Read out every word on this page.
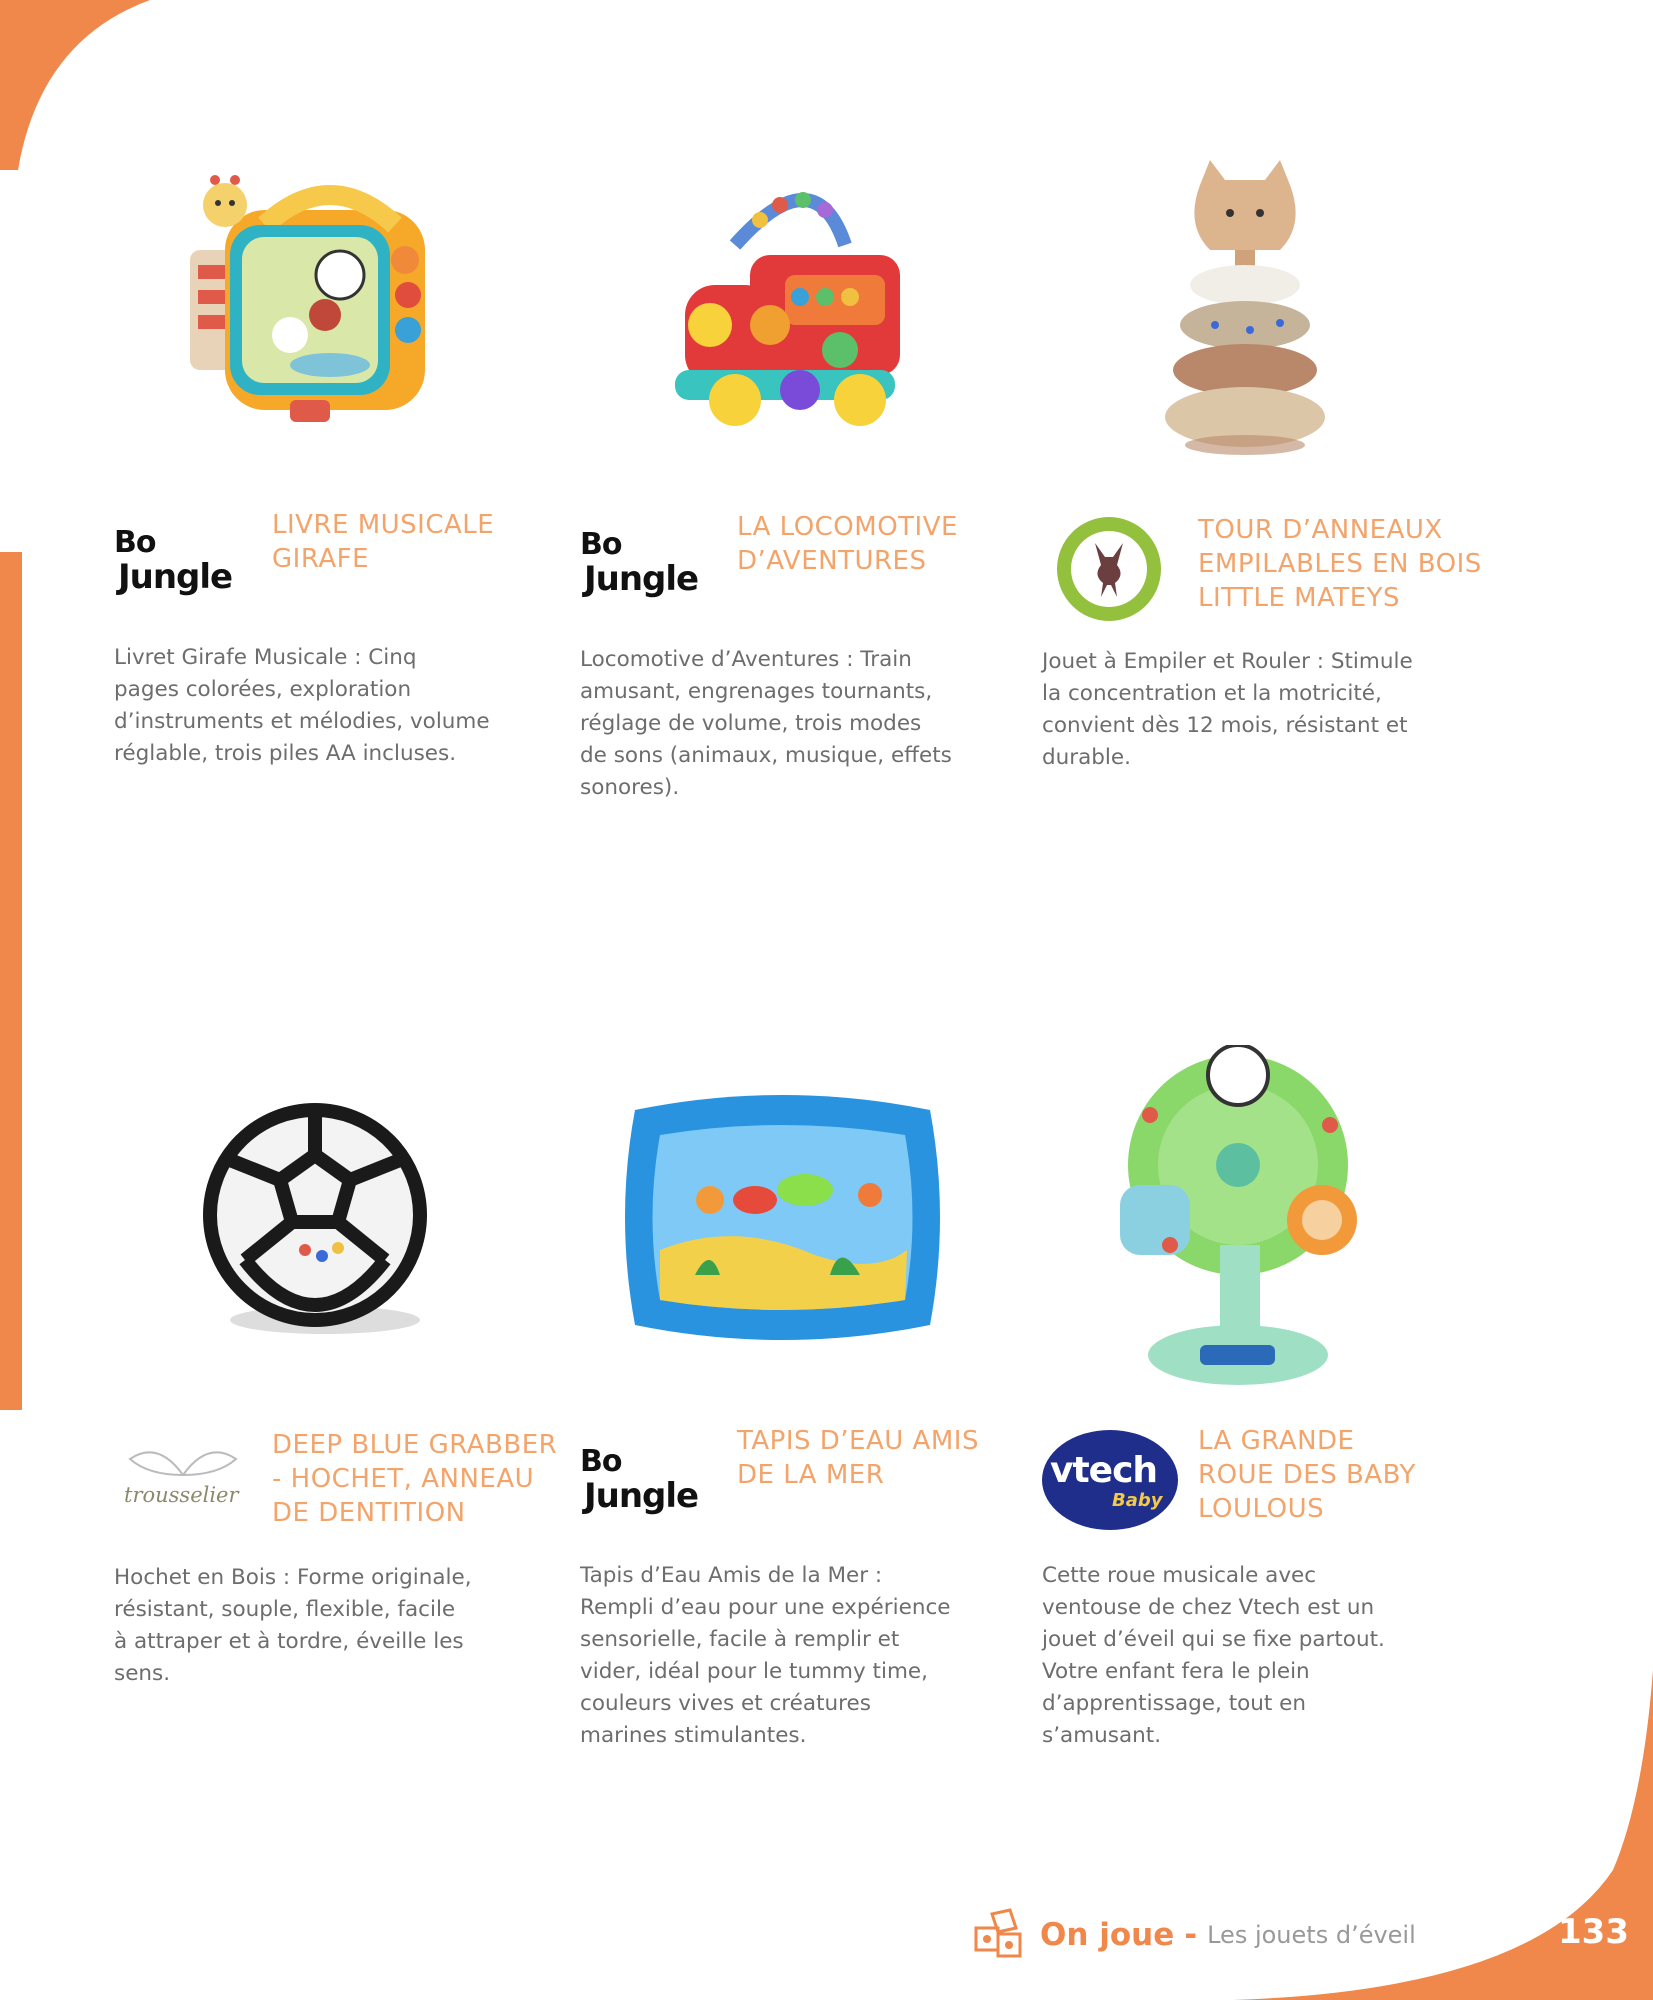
Bo
Jungle
LIVRE MUSICALE
GIRAFE

Livret Girafe Musicale : Cinq
pages colorées, exploration
d’instruments et mélodies, volume
réglable, trois piles AA incluses.

Bo
Jungle
LA LOCOMOTIVE
D’AVENTURES

Locomotive d’Aventures : Train
amusant, engrenages tournants,
réglage de volume, trois modes
de sons (animaux, musique, effets
sonores).

TOUR D’ANNEAUX
EMPILABLES EN BOIS
LITTLE MATEYS

Jouet à Empiler et Rouler : Stimule
la concentration et la motricité,
convient dès 12 mois, résistant et
durable.

trousselier
DEEP BLUE GRABBER
- HOCHET, ANNEAU
DE DENTITION

Hochet en Bois : Forme originale,
résistant, souple, flexible, facile
à attraper et à tordre, éveille les
sens.

Bo
Jungle
TAPIS D’EAU AMIS
DE LA MER

Tapis d’Eau Amis de la Mer :
Rempli d’eau pour une expérience
sensorielle, facile à remplir et
vider, idéal pour le tummy time,
couleurs vives et créatures
marines stimulantes.

vtech
Baby
LA GRANDE
ROUE DES BABY
LOULOUS

Cette roue musicale avec
ventouse de chez Vtech est un
jouet d’éveil qui se fixe partout.
Votre enfant fera le plein
d’apprentissage, tout en
s’amusant.

On joue - Les jouets d’éveil	133
